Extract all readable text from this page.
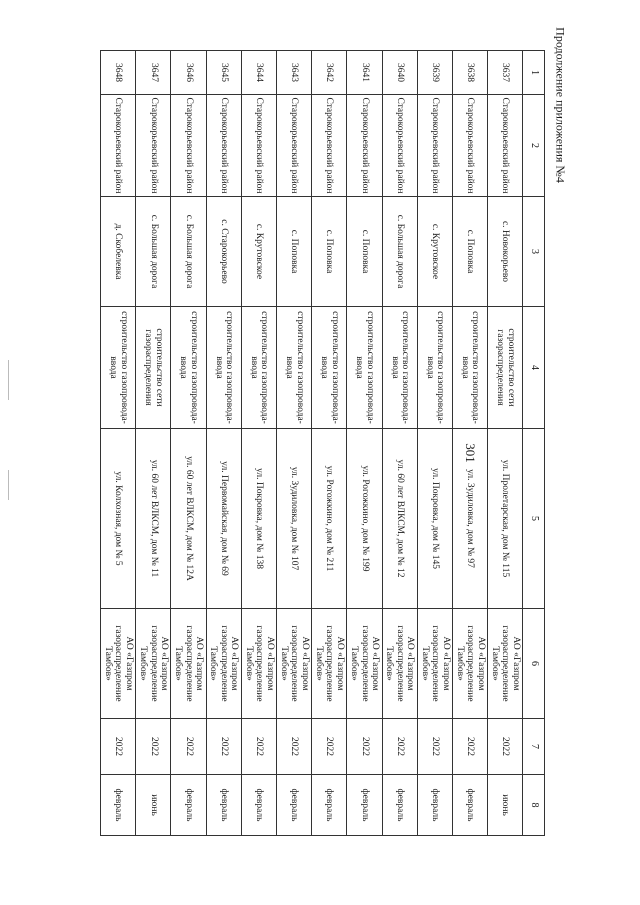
301
Продолжение приложения №4
1	2	3	4	5	6	7	8
3637	Старокорьевский район	с. Новокорьево	строительство сети газораспределения	ул. Пролетарская, дом № 115	АО «Газпром газораспределение Тамбов»	2022	июнь
3638	Старокорьевский район	с. Поповка	строительство газопровода-ввода	ул. Зудиловка, дом № 97	АО «Газпром газораспределение Тамбов»	2022	февраль
3639	Старокорьевский район	с. Крутовское	строительство газопровода-ввода	ул. Покровка, дом № 145	АО «Газпром газораспределение Тамбов»	2022	февраль
3640	Старокорьевский район	с. Большая дорога	строительство газопровода-ввода	ул. 60 лет ВЛКСМ, дом № 12	АО «Газпром газораспределение Тамбов»	2022	февраль
3641	Старокорьевский район	с. Поповка	строительство газопровода-ввода	ул. Рогожкино, дом № 199	АО «Газпром газораспределение Тамбов»	2022	февраль
3642	Старокорьевский район	с. Поповка	строительство газопровода-ввода	ул. Рогожкино, дом № 211	АО «Газпром газораспределение Тамбов»	2022	февраль
3643	Старокорьевский район	с. Поповка	строительство газопровода-ввода	ул. Зудиловка, дом № 107	АО «Газпром газораспределение Тамбов»	2022	февраль
3644	Старокорьевский район	с. Крутовское	строительство газопровода-ввода	ул. Покровка, дом № 138	АО «Газпром газораспределение Тамбов»	2022	февраль
3645	Старокорьевский район	с. Старокорьево	строительство газопровода-ввода	ул. Первомайская, дом № 69	АО «Газпром газораспределение Тамбов»	2022	февраль
3646	Старокорьевский район	с. Большая дорога	строительство газопровода-ввода	ул. 60 лет ВЛКСМ, дом № 12А	АО «Газпром газораспределение Тамбов»	2022	февраль
3647	Старокорьевский район	с. Большая дорога	строительство сети газораспределения	ул. 60 лет ВЛКСМ, дом № 11	АО «Газпром газораспределение Тамбов»	2022	июнь
3648	Старокорьевский район	д. Скобелевка	строительство газопровода-ввода	ул. Колхозная, дом № 5	АО «Газпром газораспределение Тамбов»	2022	февраль
